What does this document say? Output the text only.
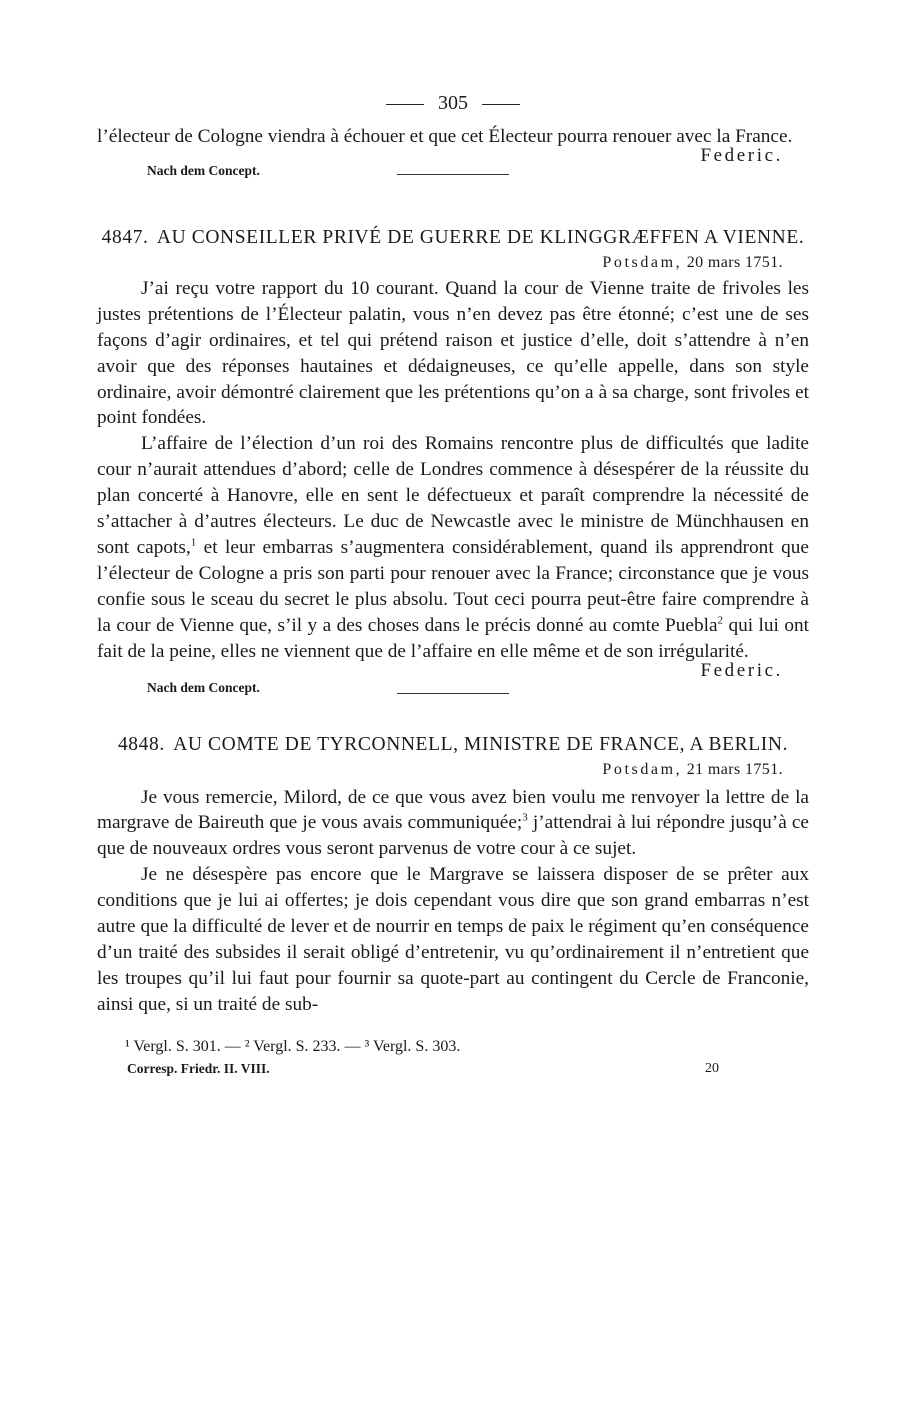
305

l’électeur de Cologne viendra à échouer et que cet Électeur pourra renouer avec la France.

Federic.
Nach dem Concept.
4847. AU CONSEILLER PRIVÉ DE GUERRE DE KLINGGRÆFFEN A VIENNE.
Potsdam, 20 mars 1751.

J’ai reçu votre rapport du 10 courant. Quand la cour de Vienne traite de frivoles les justes prétentions de l’Électeur palatin, vous n’en devez pas être étonné; c’est une de ses façons d’agir ordinaires, et tel qui prétend raison et justice d’elle, doit s’attendre à n’en avoir que des réponses hautaines et dédaigneuses, ce qu’elle appelle, dans son style ordinaire, avoir démontré clairement que les prétentions qu’on a à sa charge, sont frivoles et point fondées.

L’affaire de l’élection d’un roi des Romains rencontre plus de difficultés que ladite cour n’aurait attendues d’abord; celle de Londres commence à désespérer de la réussite du plan concerté à Hanovre, elle en sent le défectueux et paraît comprendre la nécessité de s’attacher à d’autres électeurs. Le duc de Newcastle avec le ministre de Münchhausen en sont capots,$^1$ et leur embarras s’augmentera considérablement, quand ils apprendront que l’électeur de Cologne a pris son parti pour renouer avec la France; circonstance que je vous confie sous le sceau du secret le plus absolu. Tout ceci pourra peut-être faire comprendre à la cour de Vienne que, s’il y a des choses dans le précis donné au comte Puebla$^2$ qui lui ont fait de la peine, elles ne viennent que de l’affaire en elle même et de son irrégularité.

Federic.
Nach dem Concept.
4848. AU COMTE DE TYRCONNELL, MINISTRE DE FRANCE, A BERLIN.
Potsdam, 21 mars 1751.

Je vous remercie, Milord, de ce que vous avez bien voulu me renvoyer la lettre de la margrave de Baireuth que je vous avais communiquée;$^3$ j’attendrai à lui répondre jusqu’à ce que de nouveaux ordres vous seront parvenus de votre cour à ce sujet.

Je ne désespère pas encore que le Margrave se laissera disposer de se prêter aux conditions que je lui ai offertes; je dois cependant vous dire que son grand embarras n’est autre que la difficulté de lever et de nourrir en temps de paix le régiment qu’en conséquence d’un traité des subsides il serait obligé d’entretenir, vu qu’ordinairement il n’entretient que les troupes qu’il lui faut pour fournir sa quote-part au contingent du Cercle de Franconie, ainsi que, si un traité de sub-

¹ Vergl. S. 301. — ² Vergl. S. 233. — ³ Vergl. S. 303.
Corresp. Friedr. II. VIII.	20
